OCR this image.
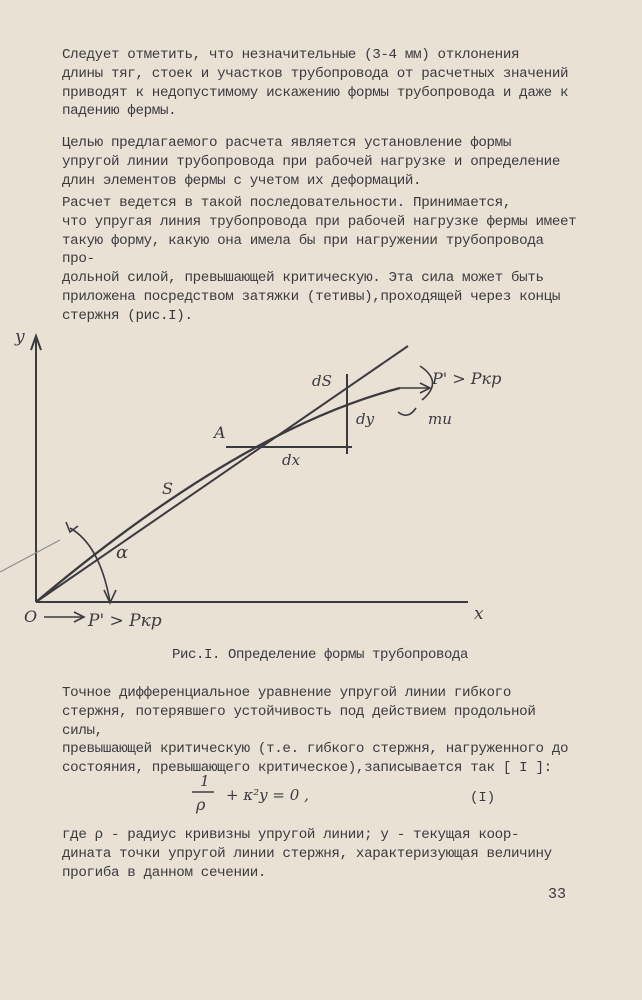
Следует отметить, что незначительные (3-4 мм) отклонения
длины тяг, стоек и участков трубопровода от расчетных значений
приводят к недопустимому искажению формы трубопровода и даже к
падению фермы.

Целью предлагаемого расчета является установление формы
упругой линии трубопровода при рабочей нагрузке и определение
длин элементов фермы с учетом их деформаций.

Расчет ведется в такой последовательности. Принимается,
что упругая линия трубопровода при рабочей нагрузке фермы имеет
такую форму, какую она имела бы при нагружении трубопровода про-
дольной силой, превышающей критическую. Эта сила может быть
приложена посредством затяжки (тетивы),проходящей через концы
стержня (рис.I).

y
x
O	P' > Pкр
P' > Pкр
mи
dS
dy
dx
A
S
α
Рис.I. Определение формы трубопровода

Точное дифференциальное уравнение упругой линии гибкого
стержня, потерявшего устойчивость под действием продольной силы,
превышающей критическую (т.е. гибкого стержня, нагруженного до
состояния, превышающего критическое),записывается так [ I ]:

1
ρ + κ²y = 0 ,	(I)

где ρ - радиус кривизны упругой линии; y - текущая коор-
дината точки упругой линии стержня, характеризующая величину
прогиба в данном сечении.

33
